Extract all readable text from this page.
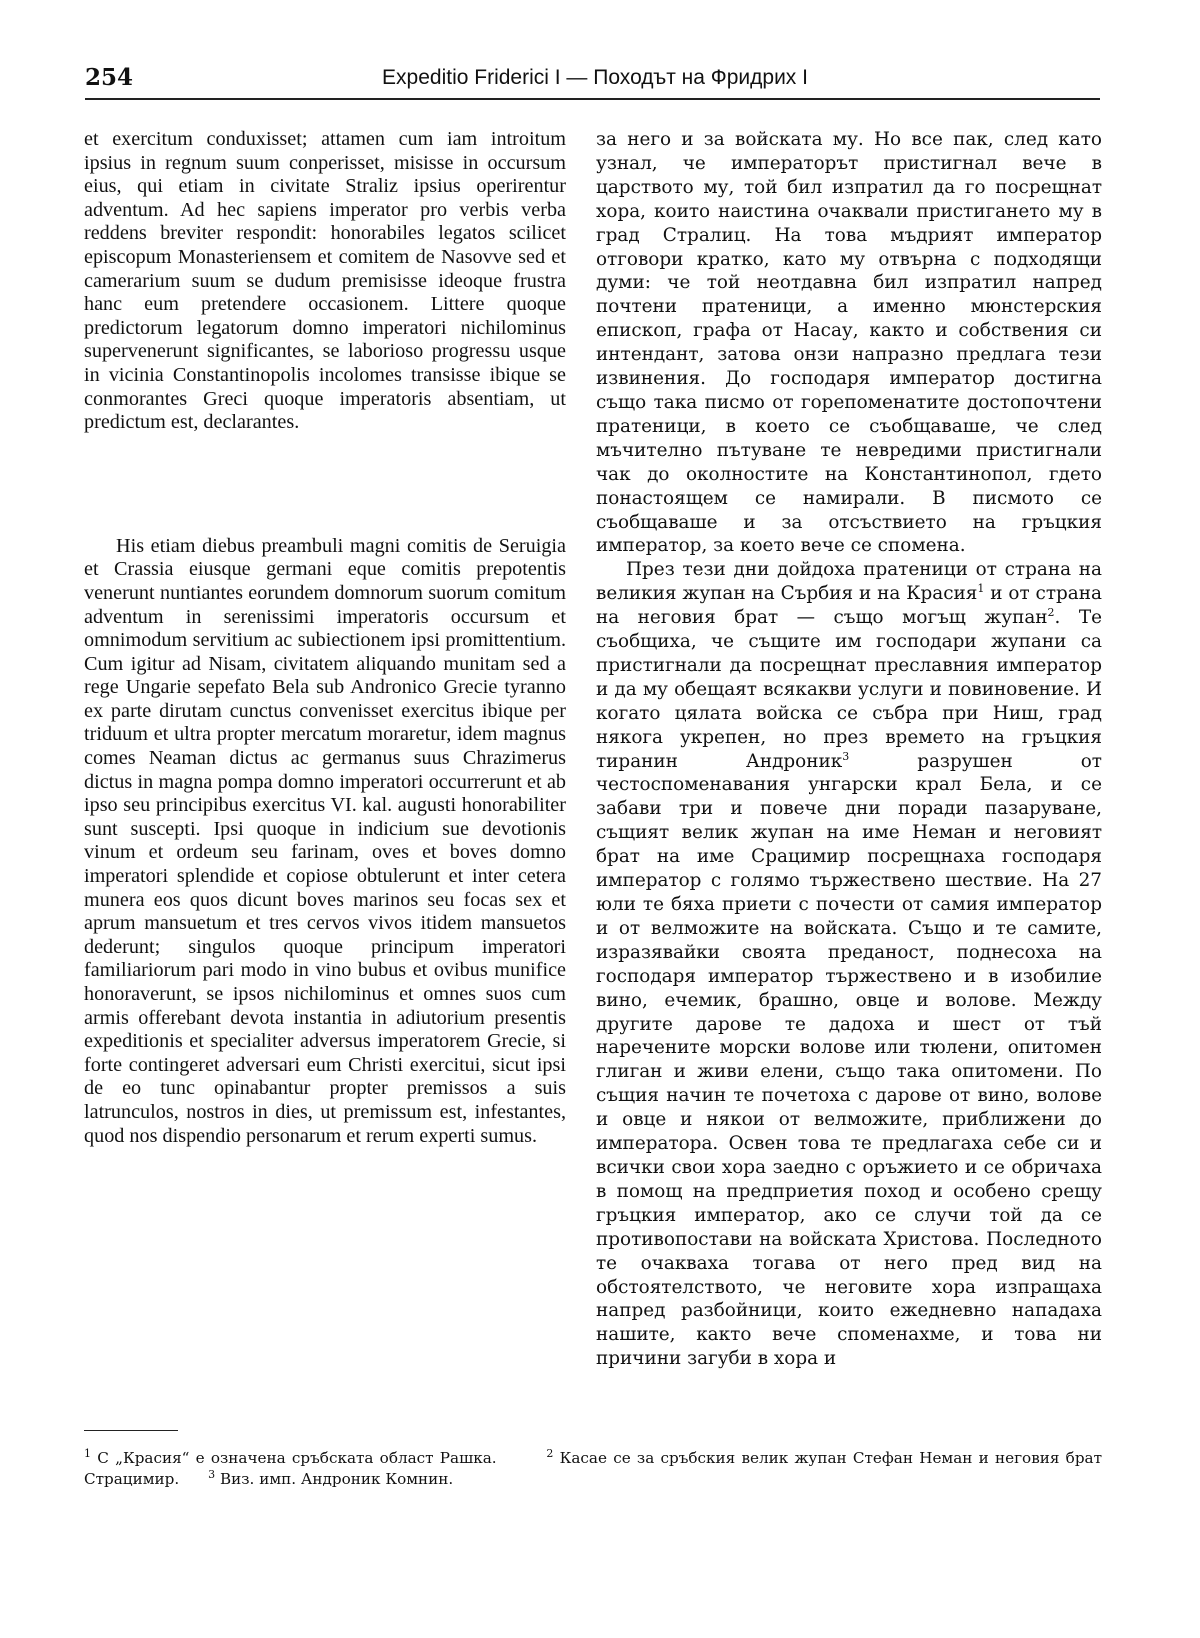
254	Expeditio Friderici I — Походът на Фридрих I

et exercitum conduxisset; attamen cum iam introitum ipsius in regnum suum conperisset, misisse in occursum eius, qui etiam in civitate Straliz ipsius operirentur adventum. Ad hec sapiens imperator pro verbis verba reddens breviter respondit: honorabiles legatos scilicet episcopum Monasteriensem et comitem de Nasovve sed et camerarium suum se dudum premisisse ideoque frustra hanc eum pretendere occasionem. Littere quoque predictorum legatorum domno imperatori nichilominus supervenerunt significantes, se laborioso progressu usque in vicinia Constantinopolis incolomes transisse ibique se conmorantes Greci quoque imperatoris absentiam, ut predictum est, declarantes.

His etiam diebus preambuli magni comitis de Seruigia et Crassia eiusque germani eque comitis prepotentis venerunt nuntiantes eorundem domnorum suorum comitum adventum in serenissimi imperatoris occursum et omnimodum servitium ac subiectionem ipsi promittentium. Cum igitur ad Nisam, civitatem aliquando munitam sed a rege Ungarie sepefato Bela sub Andronico Grecie tyranno ex parte dirutam cunctus convenisset exercitus ibique per triduum et ultra propter mercatum moraretur, idem magnus comes Neaman dictus ac germanus suus Chrazimerus dictus in magna pompa domno imperatori occurrerunt et ab ipso seu principibus exercitus VI. kal. augusti honorabiliter sunt suscepti. Ipsi quoque in indicium sue devotionis vinum et ordeum seu farinam, oves et boves domno imperatori splendide et copiose obtulerunt et inter cetera munera eos quos dicunt boves marinos seu focas sex et aprum mansuetum et tres cervos vivos itidem mansuetos dederunt; singulos quoque principum imperatori familiariorum pari modo in vino bubus et ovibus munifice honoraverunt, se ipsos nichilominus et omnes suos cum armis offerebant devota instantia in adiutorium presentis expeditionis et specialiter adversus imperatorem Grecie, si forte contingeret adversari eum Christi exercitui, sicut ipsi de eo tunc opinabantur propter premissos a suis latrunculos, nostros in dies, ut premissum est, infestantes, quod nos dispendio personarum et rerum experti sumus.

за него и за войската му. Но все пак, след като узнал, че императорът пристигнал вече в царството му, той бил изпратил да го посрещнат хора, които наистина очаквали пристигането му в град Стралиц. На това мъдрият император отговори кратко, като му отвърна с подходящи думи: че той неотдавна бил изпратил напред почтени пратеници, а именно мюнстерския епископ, графа от Насау, както и собствения си интендант, затова онзи напразно предлага тези извинения. До господаря император достигна също така писмо от горепоменатите достопочтени пратеници, в което се съобщаваше, че след мъчително пътуване те невредими пристигнали чак до околностите на Константинопол, гдето понастоящем се намирали. В писмото се съобщаваше и за отсъствието на гръцкия император, за което вече се спомена.

През тези дни дойдоха пратеници от страна на великия жупан на Сърбия и на Красия$^1$ и от страна на неговия брат — също могъщ жупан$^2$. Те съобщиха, че същите им господари жупани са пристигнали да посрещнат преславния император и да му обещаят всякакви услуги и повиновение. И когато цялата войска се събра при Ниш, град някога укрепен, но през времето на гръцкия тиранин Андроник$^3$ разрушен от честоспоменавания унгарски крал Бела, и се забави три и повече дни поради пазаруване, същият велик жупан на име Неман и неговият брат на име Срацимир посрещнаха господаря император с голямо тържествено шествие. На 27 юли те бяха приети с почести от самия император и от велможите на войската. Също и те самите, изразявайки своята преданост, поднесоха на господаря император тържествено и в изобилие вино, ечемик, брашно, овце и волове. Между другите дарове те дадоха и шест от тъй наречените морски волове или тюлени, опитомен глиган и живи елени, също така опитомени. По същия начин те почетоха с дарове от вино, волове и овце и някои от велможите, приближени до императора. Освен това те предлагаха себе си и всички свои хора заедно с оръжието и се обричаха в помощ на предприетия поход и особено срещу гръцкия император, ако се случи той да се противопостави на войската Христова. Последното те очакваха тогава от него пред вид на обстоятелството, че неговите хора изпращаха напред разбойници, които ежедневно нападаха нашите, както вече споменахме, и това ни причини загуби в хора и

$^1$ С „Красия“ е означена сръбската област Рашка.	$^2$ Касае се за сръбския велик жупан Стефан Неман и неговия брат Страцимир.	$^3$ Виз. имп. Андроник Комнин.
